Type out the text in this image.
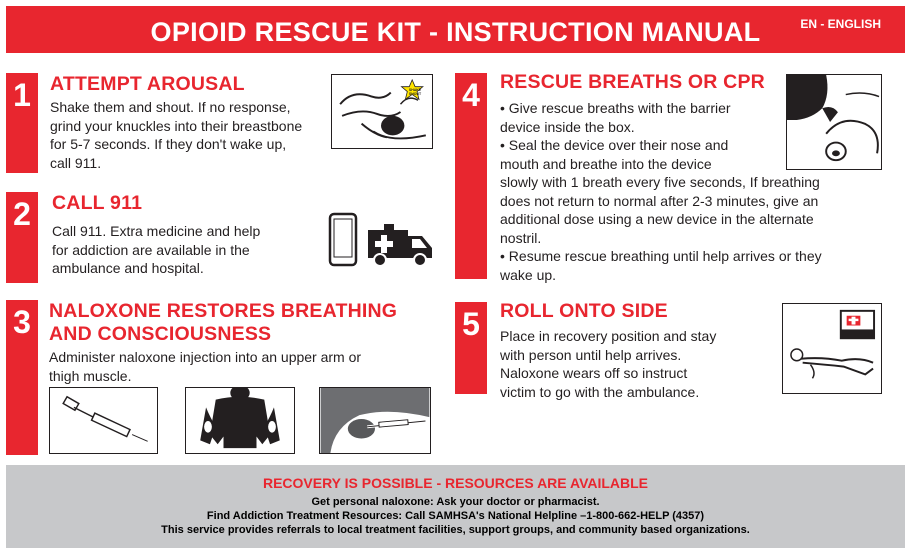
OPIOID RESCUE KIT - INSTRUCTION MANUAL	EN - ENGLISH
1 ATTEMPT AROUSAL

Shake them and shout. If no response,

grind your knuckles into their breastbone

for 5-7 seconds. If they don't wake up,

call 911.

SHAKE SHOUT
2	CALL 911

Call 911. Extra medicine and help

for addiction are available in the

ambulance and hospital.

3 NALOXONE RESTORES BREATHING
AND CONSCIOUSNESS

Administer naloxone injection into an upper arm or

thigh muscle.

4	RESCUE BREATHS OR CPR

• Give rescue breaths with the barrier

device inside the box.

• Seal the device over their nose and

mouth and breathe into the device

slowly with 1 breath every five seconds, If breathing

does not return to normal after 2-3 minutes, give an

additional dose using a new device in the alternate

nostril.

• Resume rescue breathing until help arrives or they

wake up.

5	ROLL ONTO SIDE

Place in recovery position and stay

with person until help arrives.

Naloxone wears off so instruct

victim to go with the ambulance.

RECOVERY IS POSSIBLE - RESOURCES ARE AVAILABLE
Get personal naloxone: Ask your doctor or pharmacist.
Find Addiction Treatment Resources: Call SAMHSA's National Helpline –1-800-662-HELP (4357)
This service provides referrals to local treatment facilities, support groups, and community based organizations.
